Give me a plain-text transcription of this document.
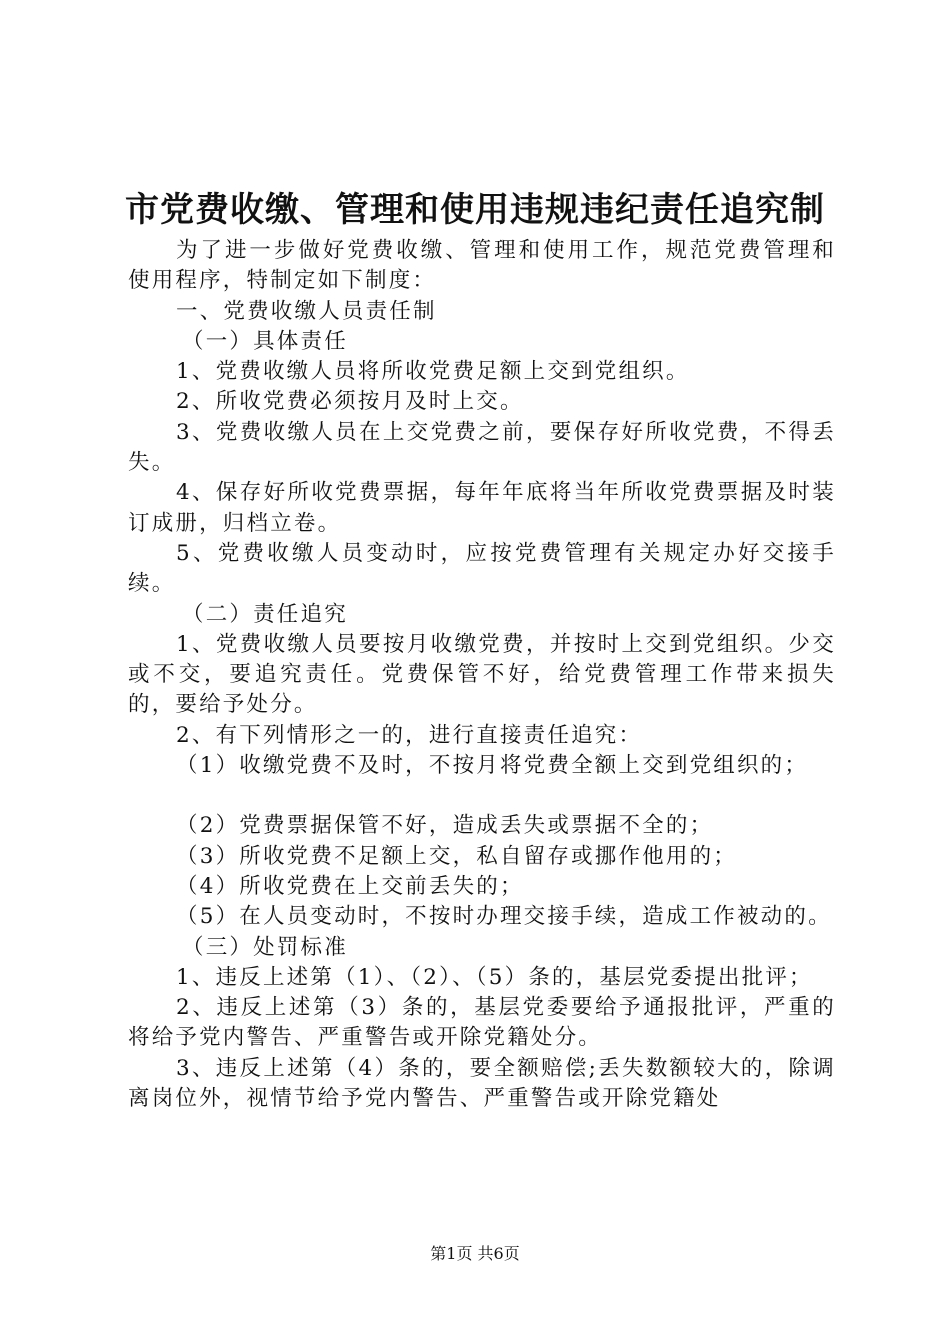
市党费收缴、管理和使用违规违纪责任追究制

为了进一步做好党费收缴、管理和使用工作，规范党费管理和使用程序，特制定如下制度：

一、党费收缴人员责任制

（一）具体责任

1、党费收缴人员将所收党费足额上交到党组织。

2、所收党费必须按月及时上交。

3、党费收缴人员在上交党费之前，要保存好所收党费，不得丢失。

4、保存好所收党费票据，每年年底将当年所收党费票据及时装订成册，归档立卷。

5、党费收缴人员变动时，应按党费管理有关规定办好交接手续。

（二）责任追究

1、党费收缴人员要按月收缴党费，并按时上交到党组织。少交或不交，要追究责任。党费保管不好，给党费管理工作带来损失的，要给予处分。

2、有下列情形之一的，进行直接责任追究：

（1）收缴党费不及时，不按月将党费全额上交到党组织的；

（2）党费票据保管不好，造成丢失或票据不全的；

（3）所收党费不足额上交，私自留存或挪作他用的；

（4）所收党费在上交前丢失的；

（5）在人员变动时，不按时办理交接手续，造成工作被动的。

（三）处罚标准

1、违反上述第（1）、（2）、（5）条的，基层党委提出批评；

2、违反上述第（3）条的，基层党委要给予通报批评，严重的将给予党内警告、严重警告或开除党籍处分。

3、违反上述第（4）条的，要全额赔偿;丢失数额较大的，除调离岗位外，视情节给予党内警告、严重警告或开除党籍处

第1页 共6页
